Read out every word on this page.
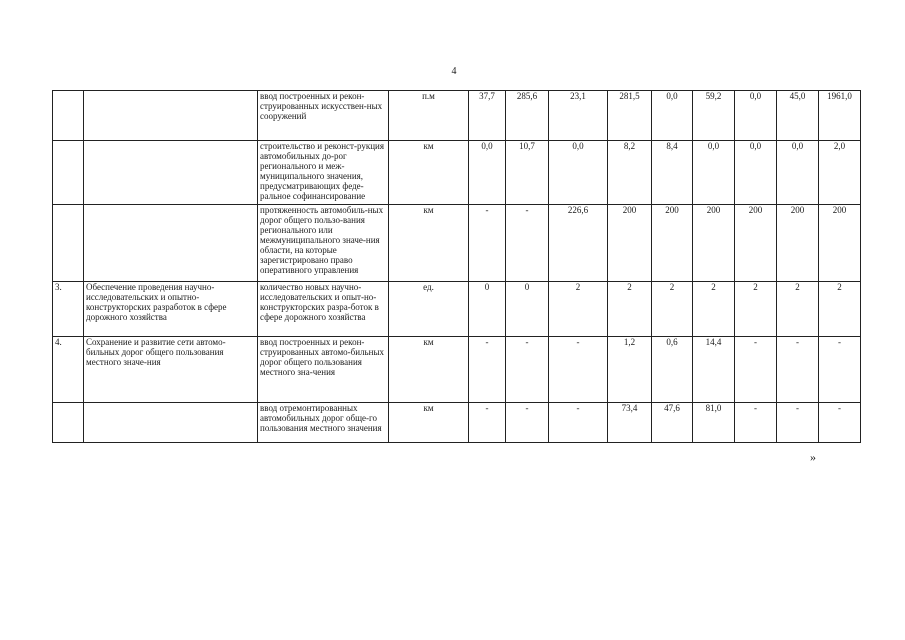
4
		ввод построенных и рекон-струированных искусствен-ных сооружений	п.м	37,7	285,6	23,1	281,5	0,0	59,2	0,0	45,0	1961,0
		строительство и реконст-рукция автомобильных до-рог регионального и меж-муниципального значения, предусматривающих феде-ральное софинансирование	км	0,0	10,7	0,0	8,2	8,4	0,0	0,0	0,0	2,0
		протяженность автомобиль-ных дорог общего пользо-вания регионального или межмуниципального значе-ния области, на которые зарегистрировано право оперативного управления	км	-	-	226,6	200	200	200	200	200	200
3.	Обеспечение проведения научно-исследовательских и опытно-конструкторских разработок в сфере дорожного хозяйства	количество новых научно-исследовательских и опыт-но-конструкторских разра-боток в сфере дорожного хозяйства	ед.	0	0	2	2	2	2	2	2	2
4.	Сохранение и развитие сети автомо-бильных дорог общего пользования местного значе-ния	ввод построенных и рекон-струированных автомо-бильных дорог общего пользования местного зна-чения	км	-	-	-	1,2	0,6	14,4	-	-	-
		ввод отремонтированных автомобильных дорог обще-го пользования местного значения	км	-	-	-	73,4	47,6	81,0	-	-	-
»
